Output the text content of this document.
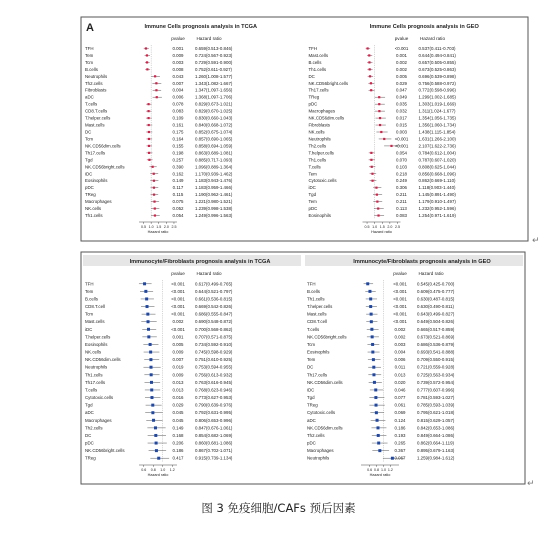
A	Immune Cells prognosis analysis in TCGA
pvalue	Hazard ratio
TFH	0.001	0.659(0.513-0.846)
Tem	0.009	0.724(0.567-0.923)
Tcm	0.003	0.729(0.591-0.900)
B.cells	0.008	0.752(0.611-0.927)
Neutrophils	0.043	1.260(1.008-1.577)
Th2.cells	0.007	1.343(1.082-1.667)
Fibroblasts	0.004	1.347(1.097-1.656)
aDC	0.006	1.368(1.097-1.706)
T.cells	0.078	0.829(0.673-1.021)
CD8.T.cells	0.083	0.829(0.670-1.025)
T.helper.cells	0.109	0.830(0.660-1.043)
Mast.cells	0.161	0.840(0.668-1.072)
DC	0.175	0.852(0.675-1.074)
Tcm	0.164	0.857(0.690-1.065)
NK.CD56dim.cells	0.155	0.858(0.694-1.059)
Th17.cells	0.198	0.863(0.689-1.081)
Tgd	0.257	0.885(0.717-1.093)
NK.CD56bright.cells	0.390	1.096(0.889-1.364)
iDC	0.162	1.170(0.939-1.462)
Eosinophils	0.149	1.183(0.943-1.476)
pDC	0.117	1.183(0.959-1.466)
TReg	0.115	1.190(0.962-1.461)
Macrophages	0.075	1.221(0.980-1.521)
NK.cells	0.052	1.239(0.998-1.538)
Th1.cells	0.054	1.249(0.996-1.563)
0.5 1.0 1.5 2.0 2.5
Hazard ratio
Immune Cells prognosis analysis in GEO
pvalue	Hazard ratio
TFH	<0.001 0.537(0.411-0.703)
Mast.cells	0.001	0.644(0.494-0.841)
B.cells	0.002	0.657(0.505-0.855)
Th1.cells	0.002	0.673(0.525-0.863)
DC	0.005	0.696(0.539-0.898)
NK.CD56bright.cells	0.029	0.756(0.588-0.972)
Th17.cells	0.047	0.772(0.598-0.996)
TReg	0.049	1.299(1.002-1.685)
pDC	0.035	1.303(1.019-1.669)
Macrophages	0.032	1.311(1.024-1.677)
NK.CD56dim.cells	0.017	1.354(1.056-1.735)
Fibroblasts	0.015	1.356(1.060-1.734)
NK.cells	0.003	1.438(1.115-1.854)
Neutrophils	<0.001 1.631(1.266-2.100)
Th2.cells	<0.001 2.107(1.622-2.736)
T.helper.cells	0.054	0.784(0.612-1.004)
Th1.cells	0.070	0.787(0.607-1.020)
T.cells	0.103	0.808(0.625-1.044)
Tem	0.218	0.856(0.668-1.096)
Cytotoxic.cells	0.249	0.862(0.669-1.110)
iDC	0.306	1.118(0.903-1.440)
Tgd	0.211	1.145(0.891-1.490)
Tem	0.211	1.179(0.910-1.497)
pDC	0.113	1.232(0.952-1.596)
Eosinophils	0.083	1.254(0.971-1.619)
0.5 1.0 1.5 2.0 2.5
Hazard ratio
Immunocyte/Fibroblasts prognosis analysis in TCGA
pvalue	Hazard ratio
TFH	<0.001 0.617(0.499-0.765)
Tem	<0.001 0.644(0.521-0.797)
B.cells	<0.001 0.661(0.536-0.815)
CD8.T.cell	<0.001 0.669(0.542-0.826)
Tcm	<0.001 0.686(0.555-0.847)
Mast.cells	0.002	0.690(0.548-0.872)
iDC	<0.001 0.700(0.568-0.862)
T.helper.cells	0.001	0.707(0.571-0.875)
Eosinophils	0.005	0.734(0.592-0.910)
NK.cells	0.009	0.745(0.598-0.929)
NK.CD56dim.cells	0.007	0.751(0.610-0.925)
Neutrophils	0.019	0.753(0.594-0.955)
Th1.cells	0.009	0.756(0.613-0.932)
Th17.cells	0.013	0.763(0.616-0.945)
T.cells	0.013	0.768(0.623-0.946)
Cytotoxic.cells	0.016	0.773(0.627-0.953)
Tgd	0.029	0.790(0.639-0.976)
aDC	0.045	0.792(0.631-0.995)
Macrophages	0.045	0.806(0.653-0.996)
Th2.cells	0.149	0.847(0.676-1.061)
DC	0.168	0.854(0.682-1.069)
pDC	0.206	0.860(0.681-1.086)
NK.CD56bright.cells	0.186	0.867(0.702-1.071)
TReg	0.417	0.915(0.739-1.134)
0.6 0.8 1.0 1.2
Hazard ratio
Immunocyte/Fibroblasts prognosis analysis in GEO
pvalue	Hazard ratio
TFH	<0.001 0.545(0.425-0.700)
B.cells	<0.001 0.609(0.475-0.777)
Th1.cells	<0.001 0.630(0.487-0.815)
T.helper.cells	<0.001 0.630(0.490-0.811)
Mast.cells	<0.001 0.643(0.499-0.827)
CD8.T.cell	<0.001 0.649(0.504-0.826)
T.cells	0.002	0.665(0.517-0.859)
NK.CD56bright.cells	0.002	0.673(0.521-0.869)
Tcm	0.003	0.686(0.536-0.879)
Eosinophils	0.004	0.693(0.541-0.888)
Tem	0.006	0.709(0.550-0.915)
DC	0.011	0.721(0.559-0.928)
Th17.cells	0.013	0.725(0.563-0.934)
NK.CD56dim.cells	0.020	0.739(0.572-0.954)
iDC	0.046	0.777(0.607-0.996)
Tgd	0.077	0.781(0.593-1.027)
TReg	0.061	0.785(0.593-1.039)
Cytotoxic.cells	0.069	0.795(0.621-1.018)
aDC	0.124	0.815(0.629-1.057)
NK.CD56dim.cells	0.186	0.842(0.653-1.086)
Th2.cells	0.193	0.849(0.664-1.086)
pDC	0.265	0.862(0.664-1.119)
Macrophages	0.367	0.895(0.679-1.163)
Neutrophils	0.067	1.259(0.984-1.612)
0.6 0.8 1.0 1.2
Hazard ratio
↵
↵
图 3 免疫细胞/CAFs 预后因素
